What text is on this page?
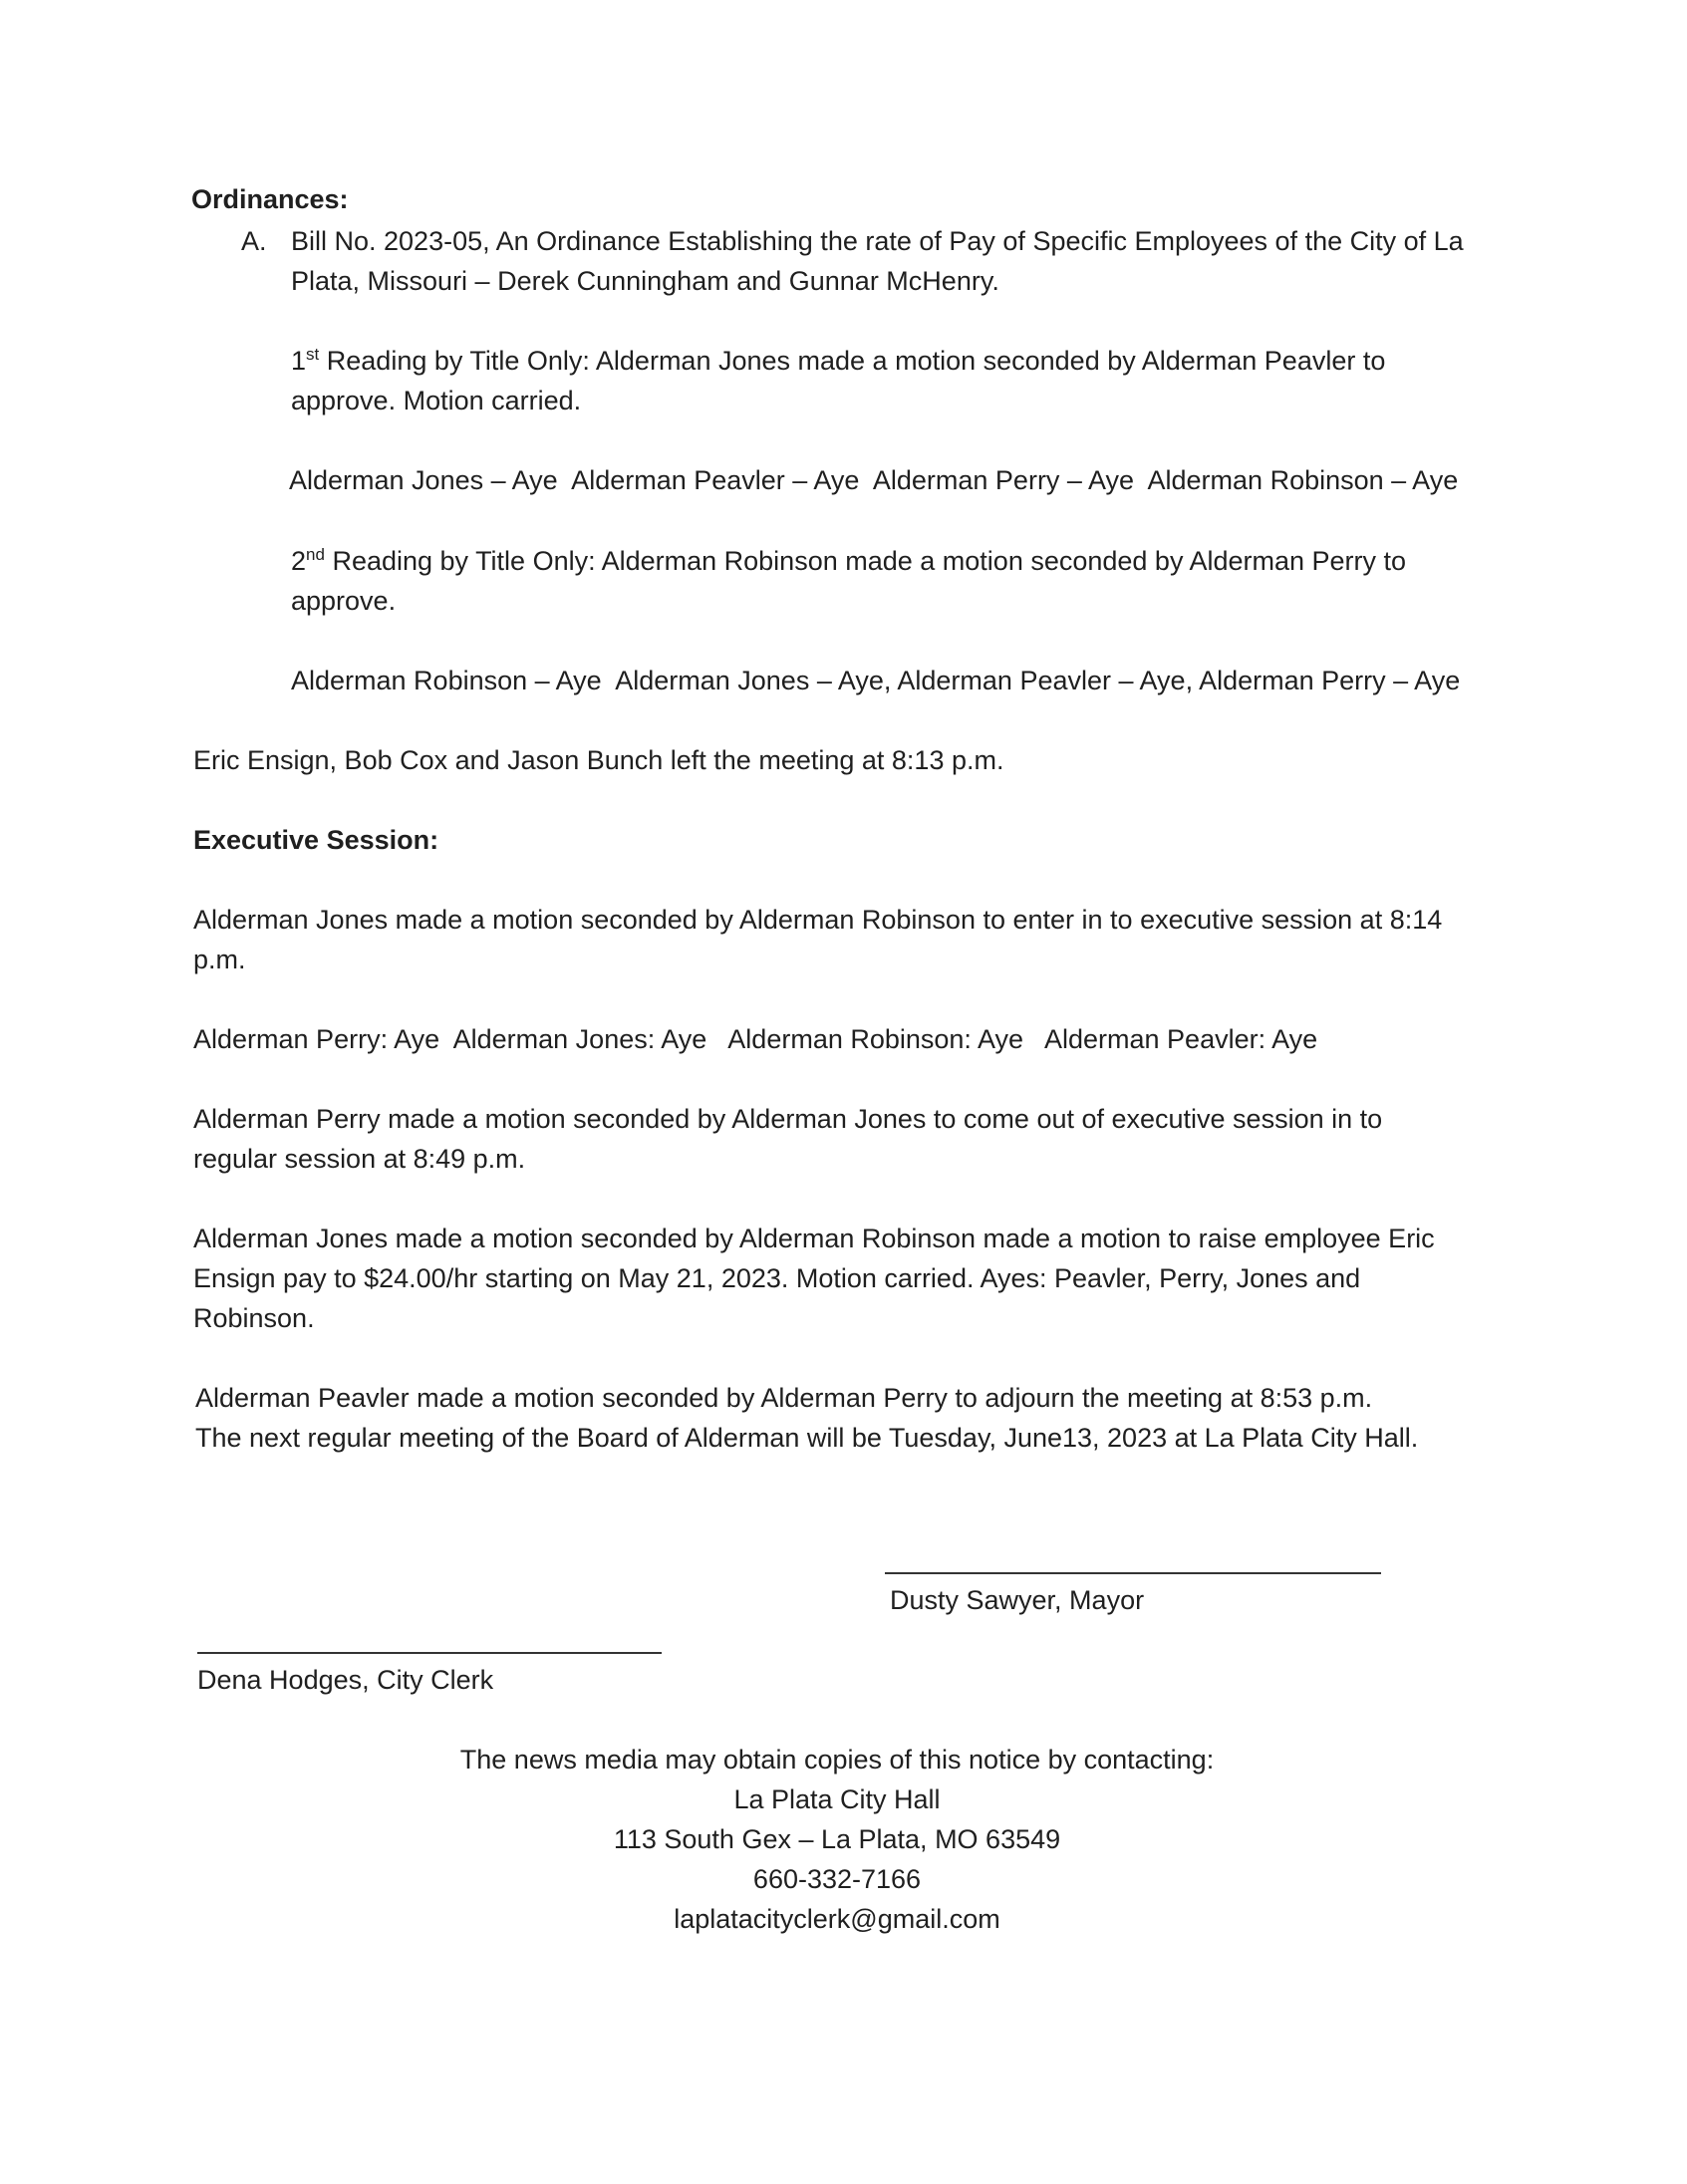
Ordinances:

A. Bill No. 2023-05, An Ordinance Establishing the rate of Pay of Specific Employees of the City of La

Plata, Missouri – Derek Cunningham and Gunnar McHenry.

1st Reading by Title Only: Alderman Jones made a motion seconded by Alderman Peavler to

approve. Motion carried.

Alderman Jones – Aye  Alderman Peavler – Aye  Alderman Perry – Aye  Alderman Robinson – Aye

2nd Reading by Title Only: Alderman Robinson made a motion seconded by Alderman Perry to

approve.

Alderman Robinson – Aye  Alderman Jones – Aye, Alderman Peavler – Aye, Alderman Perry – Aye

Eric Ensign, Bob Cox and Jason Bunch left the meeting at 8:13 p.m.

Executive Session:

Alderman Jones made a motion seconded by Alderman Robinson to enter in to executive session at 8:14

p.m.

Alderman Perry: Aye  Alderman Jones: Aye   Alderman Robinson: Aye   Alderman Peavler: Aye

Alderman Perry made a motion seconded by Alderman Jones to come out of executive session in to

regular session at 8:49 p.m.

Alderman Jones made a motion seconded by Alderman Robinson made a motion to raise employee Eric

Ensign pay to $24.00/hr starting on May 21, 2023. Motion carried. Ayes: Peavler, Perry, Jones and

Robinson.

Alderman Peavler made a motion seconded by Alderman Perry to adjourn the meeting at 8:53 p.m.

The next regular meeting of the Board of Alderman will be Tuesday, June13, 2023 at La Plata City Hall.

Dusty Sawyer, Mayor

Dena Hodges, City Clerk

The news media may obtain copies of this notice by contacting:
La Plata City Hall
113 South Gex – La Plata, MO 63549
660-332-7166
laplatacityclerk@gmail.com
